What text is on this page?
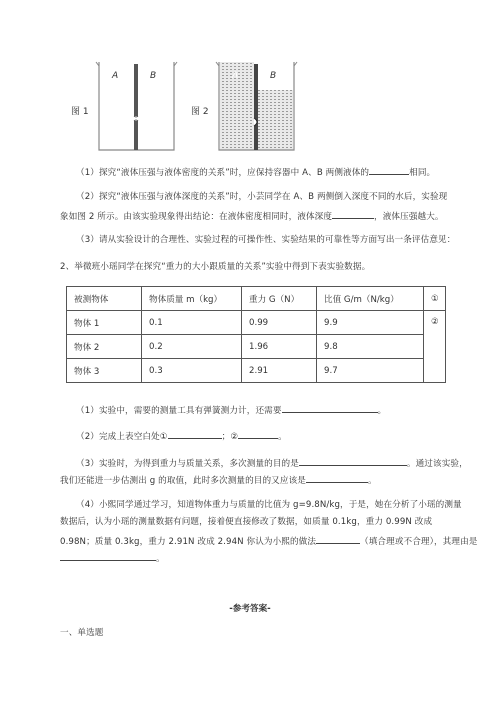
A	B
图 1
A	B
图 2
（1）探究“液体压强与液体密度的关系”时，应保持容器中 A、B 两侧液体的	相同。
（2）探究“液体压强与液体深度的关系”时，小芸同学在 A、B 两侧倒入深度不同的水后，实验现
象如图 2 所示。由该实验现象得出结论：在液体密度相同时，液体深度	，液体压强越大。
（3）请从实验设计的合理性、实验过程的可操作性、实验结果的可靠性等方面写出一条评估意见：
2、举微班小瑶同学在探究“重力的大小跟质量的关系”实验中得到下表实验数据。
被测物体	物体质量 m（kg）	重力 G（N）	比值 G/m（N/kg）	①
物体 1	0.1	0.99	9.9	②
物体 2	0.2	1.96	9.8	
物体 3	0.3	2.91	9.7	
（1）实验中，需要的测量工具有弹簧测力计，还需要	。
（2）完成上表空白处①	；②	。
（3）实验时，为得到重力与质量关系，多次测量的目的是	。通过该实验，
我们还能进一步估测出 g 的取值，此时多次测量的目的又应该是	。
（4）小熙同学通过学习，知道物体重力与质量的比值为 g=9.8N/kg，于是，她在分析了小瑶的测量
数据后，认为小瑶的测量数据有问题，接着便直接修改了数据，如质量 0.1kg，重力 0.99N 改成
0.98N；质量 0.3kg，重力 2.91N 改成 2.94N 你认为小熙的做法	（填合理或不合理），其理由是
。
-参考答案-
一、单选题
